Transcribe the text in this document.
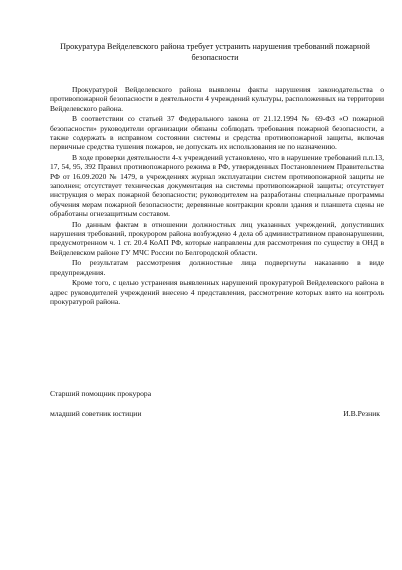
Прокуратура Вейделевского района требует устранить нарушения требований пожарной безопасности

Прокуратурой Вейделевского района выявлены факты нарушения законодательства о противопожарной безопасности в деятельности 4 учреждений культуры, расположенных на территории Вейделевского района.

В соответствии со статьей 37 Федерального закона от 21.12.1994 № 69-ФЗ «О пожарной безопасности» руководители организации обязаны соблюдать требования пожарной безопасности, а также содержать в исправном состоянии системы и средства противопожарной защиты, включая первичные средства тушения пожаров, не допускать их использования не по назначению.

В ходе проверки деятельности 4-х учреждений установлено, что в нарушение требований п.п.13, 17, 54, 95, 392 Правил противопожарного режима в РФ, утвержденных Постановлением Правительства РФ от 16.09.2020 № 1479, в учреждениях журнал эксплуатации систем противопожарной защиты не заполнен; отсутствует техническая документация на системы противопожарной защиты; отсутствует инструкция о мерах пожарной безопасности; руководителем на разработаны специальные программы обучения мерам пожарной безопасности; деревянные контракции кровли здания и планшета сцены не обработаны огнезащитным составом.

По данным фактам в отношении должностных лиц указанных учреждений, допустивших нарушения требований, прокурором района возбуждено 4 дела об административном правонарушении, предусмотренном ч. 1 ст. 20.4 КоАП РФ, которые направлены для рассмотрения по существу в ОНД в Вейделевском районе ГУ МЧС России по Белгородской области.

По результатам рассмотрения должностные лица подвергнуты наказанию в виде предупреждения.

Кроме того, с целью устранения выявленных нарушений прокуратурой Вейделевского района в адрес руководителей учреждений внесено 4 представления, рассмотрение которых взято на контроль прокуратурой района.

Старший помощник прокурора
младший советник юстиции	И.В.Резник
